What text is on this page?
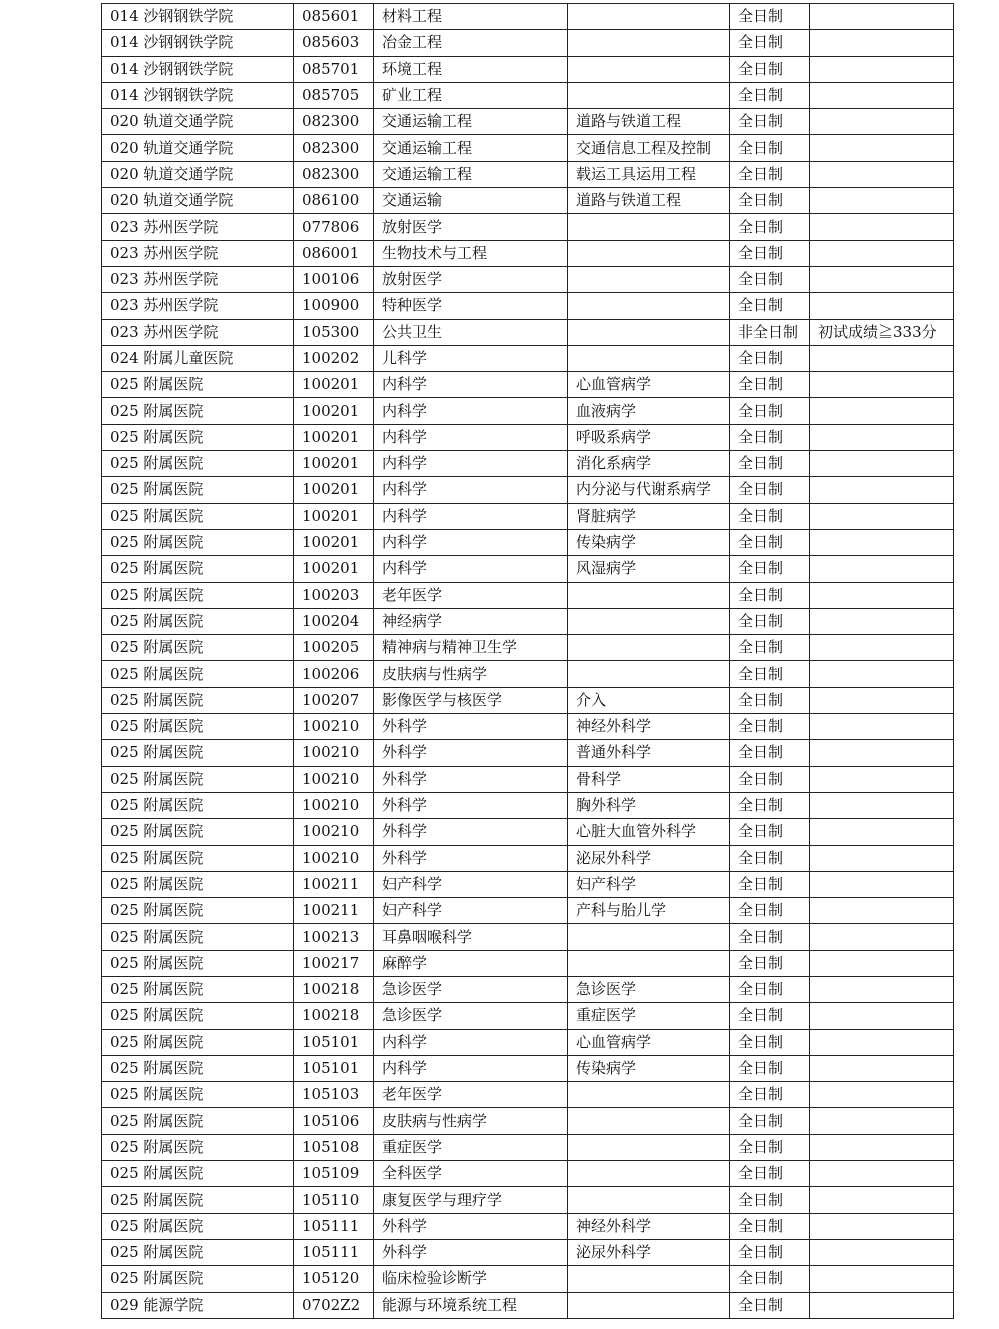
014 沙钢钢铁学院	085601	材料工程		全日制	
014 沙钢钢铁学院	085603	冶金工程		全日制	
014 沙钢钢铁学院	085701	环境工程		全日制	
014 沙钢钢铁学院	085705	矿业工程		全日制	
020 轨道交通学院	082300	交通运输工程	道路与铁道工程	全日制	
020 轨道交通学院	082300	交通运输工程	交通信息工程及控制	全日制	
020 轨道交通学院	082300	交通运输工程	载运工具运用工程	全日制	
020 轨道交通学院	086100	交通运输	道路与铁道工程	全日制	
023 苏州医学院	077806	放射医学		全日制	
023 苏州医学院	086001	生物技术与工程		全日制	
023 苏州医学院	100106	放射医学		全日制	
023 苏州医学院	100900	特种医学		全日制	
023 苏州医学院	105300	公共卫生		非全日制	初试成绩≧333分
024 附属儿童医院	100202	儿科学		全日制	
025 附属医院	100201	内科学	心血管病学	全日制	
025 附属医院	100201	内科学	血液病学	全日制	
025 附属医院	100201	内科学	呼吸系病学	全日制	
025 附属医院	100201	内科学	消化系病学	全日制	
025 附属医院	100201	内科学	内分泌与代谢系病学	全日制	
025 附属医院	100201	内科学	肾脏病学	全日制	
025 附属医院	100201	内科学	传染病学	全日制	
025 附属医院	100201	内科学	风湿病学	全日制	
025 附属医院	100203	老年医学		全日制	
025 附属医院	100204	神经病学		全日制	
025 附属医院	100205	精神病与精神卫生学		全日制	
025 附属医院	100206	皮肤病与性病学		全日制	
025 附属医院	100207	影像医学与核医学	介入	全日制	
025 附属医院	100210	外科学	神经外科学	全日制	
025 附属医院	100210	外科学	普通外科学	全日制	
025 附属医院	100210	外科学	骨科学	全日制	
025 附属医院	100210	外科学	胸外科学	全日制	
025 附属医院	100210	外科学	心脏大血管外科学	全日制	
025 附属医院	100210	外科学	泌尿外科学	全日制	
025 附属医院	100211	妇产科学	妇产科学	全日制	
025 附属医院	100211	妇产科学	产科与胎儿学	全日制	
025 附属医院	100213	耳鼻咽喉科学		全日制	
025 附属医院	100217	麻醉学		全日制	
025 附属医院	100218	急诊医学	急诊医学	全日制	
025 附属医院	100218	急诊医学	重症医学	全日制	
025 附属医院	105101	内科学	心血管病学	全日制	
025 附属医院	105101	内科学	传染病学	全日制	
025 附属医院	105103	老年医学		全日制	
025 附属医院	105106	皮肤病与性病学		全日制	
025 附属医院	105108	重症医学		全日制	
025 附属医院	105109	全科医学		全日制	
025 附属医院	105110	康复医学与理疗学		全日制	
025 附属医院	105111	外科学	神经外科学	全日制	
025 附属医院	105111	外科学	泌尿外科学	全日制	
025 附属医院	105120	临床检验诊断学		全日制	
029 能源学院	0702Z2	能源与环境系统工程		全日制	
